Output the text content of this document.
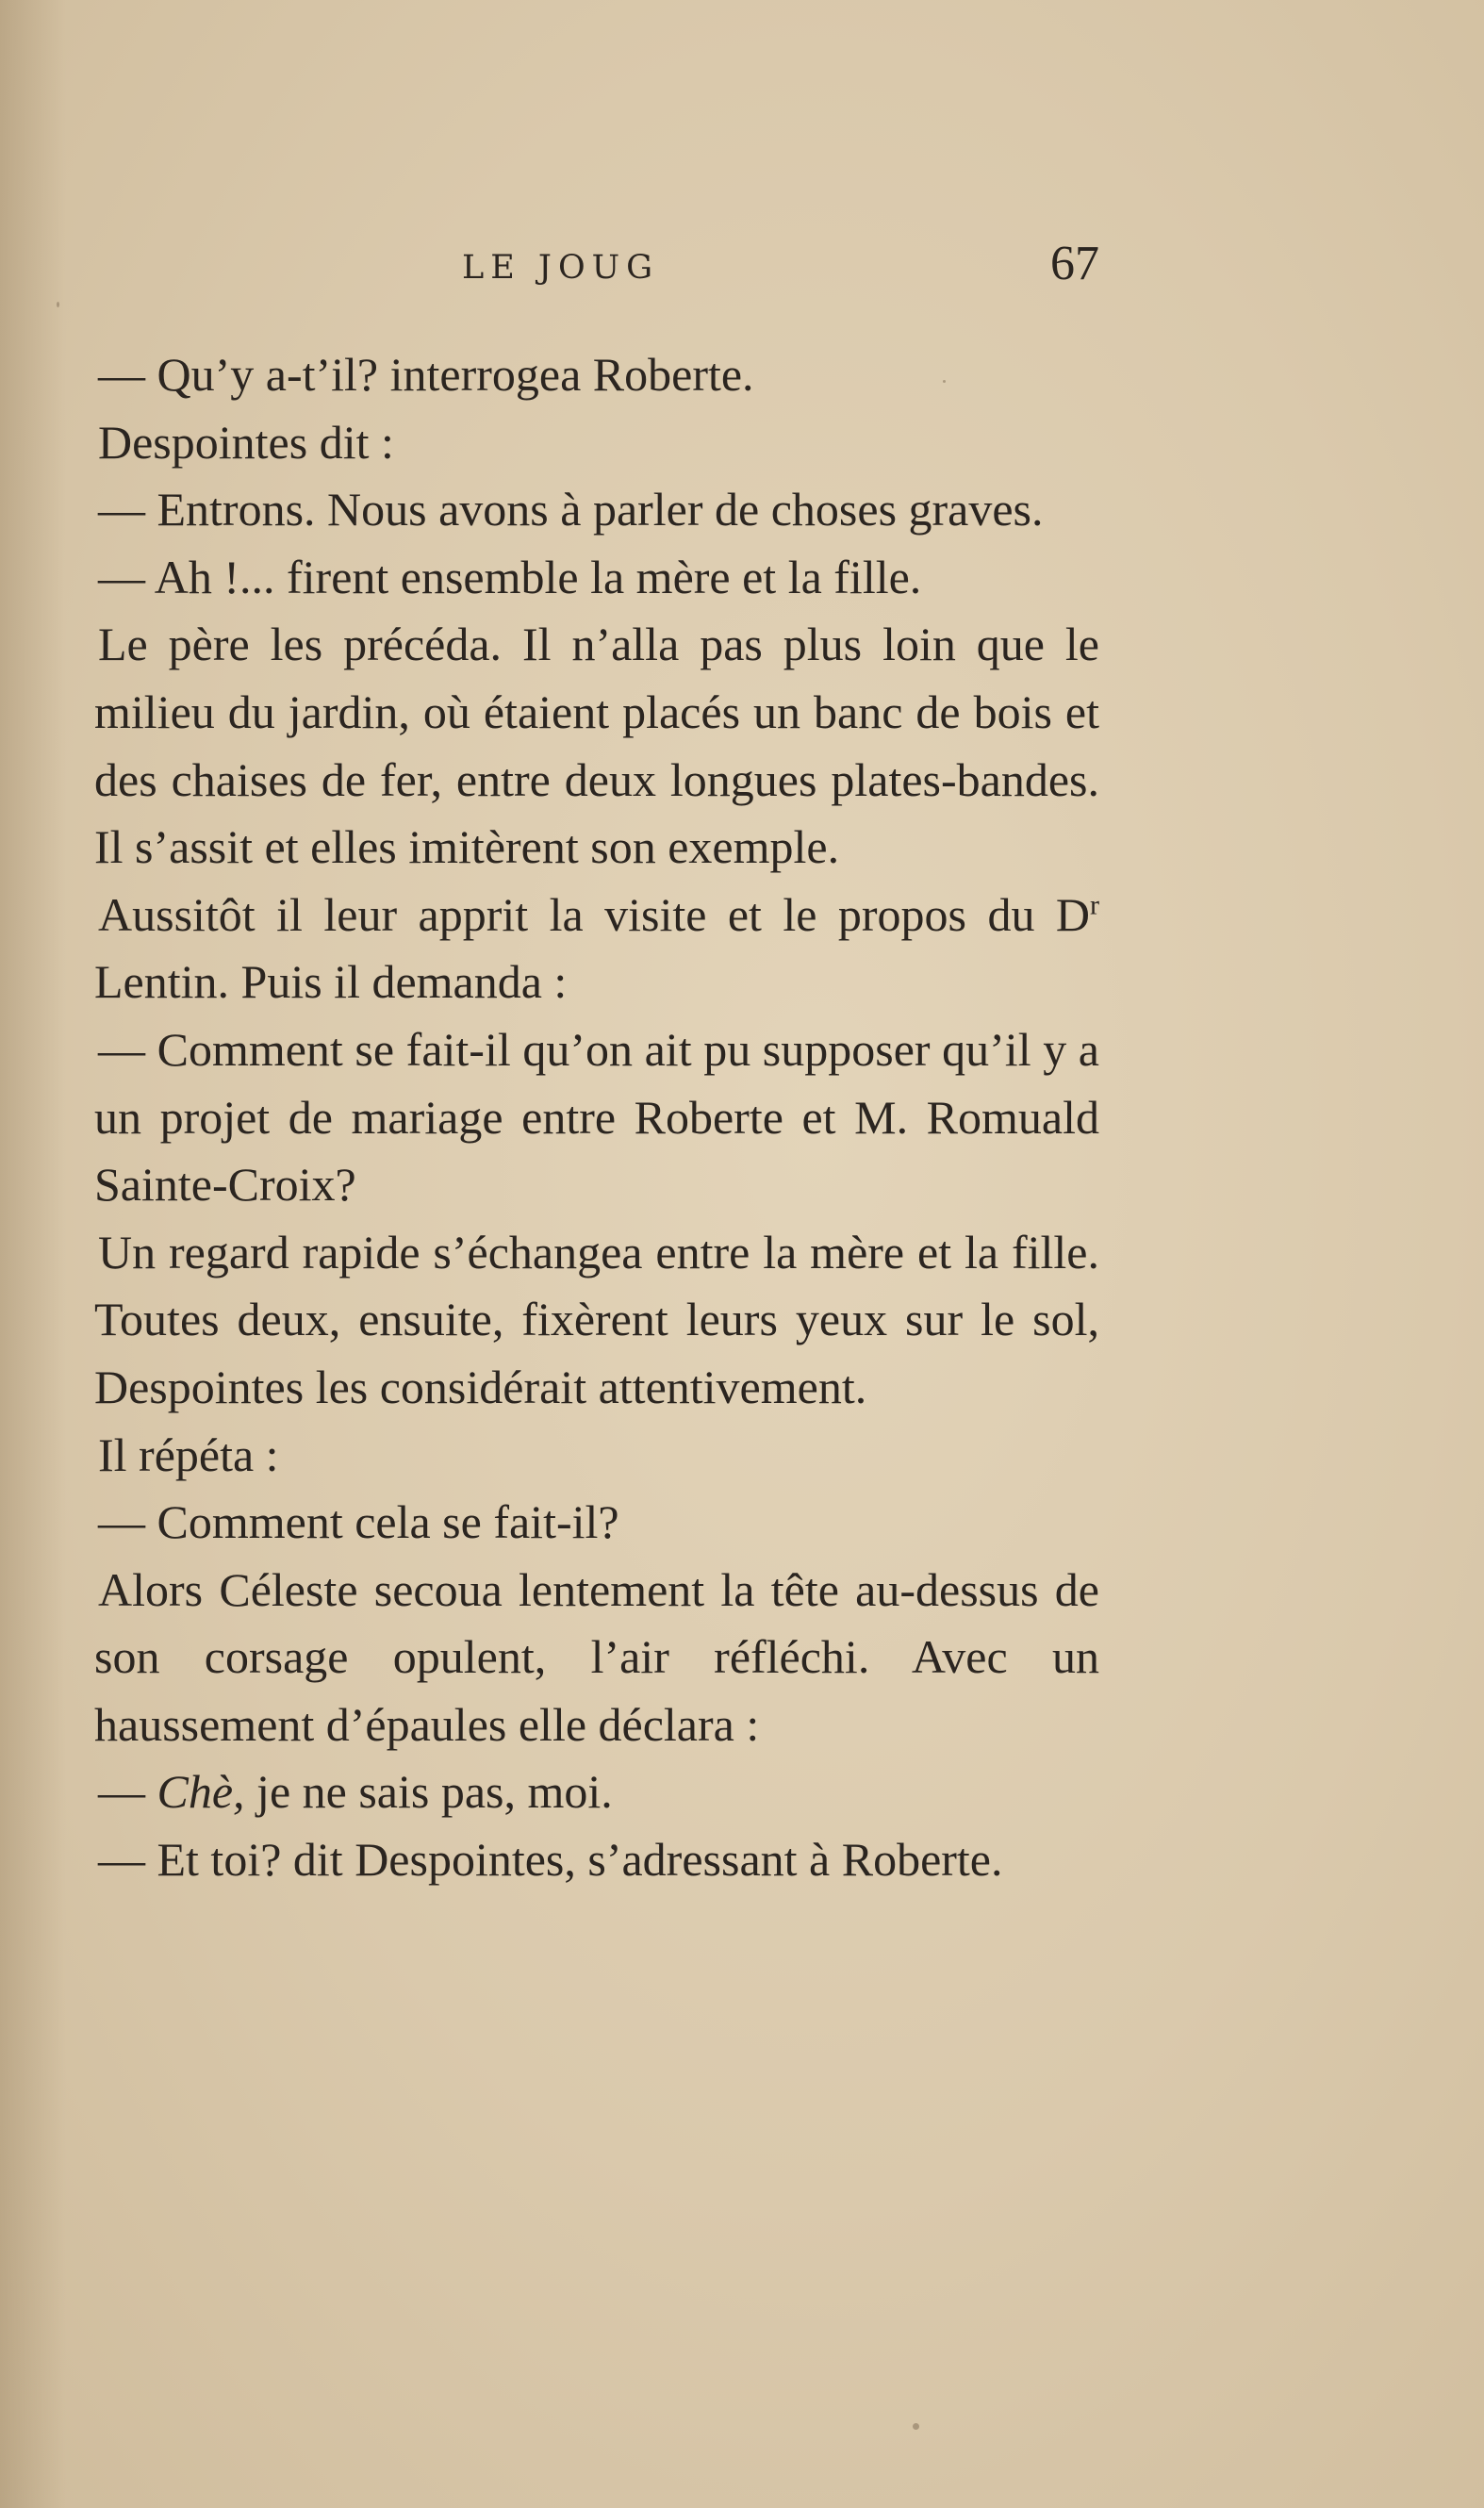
LE JOUG	67

— Qu’y a-t’il? interrogea Roberte.

Despointes dit :

— Entrons. Nous avons à parler de choses graves.

— Ah !... firent ensemble la mère et la fille.

Le père les précéda. Il n’alla pas plus loin que le milieu du jardin, où étaient placés un banc de bois et des chaises de fer, entre deux longues plates-bandes. Il s’assit et elles imitèrent son exemple.

Aussitôt il leur apprit la visite et le propos du $D^r$ Lentin. Puis il demanda :

— Comment se fait-il qu’on ait pu supposer qu’il y a un projet de mariage entre Roberte et M. Romuald Sainte-Croix?

Un regard rapide s’échangea entre la mère et la fille. Toutes deux, ensuite, fixèrent leurs yeux sur le sol, Despointes les considérait attentivement.

Il répéta :

— Comment cela se fait-il?

Alors Céleste secoua lentement la tête au-dessus de son corsage opulent, l’air réfléchi. Avec un haussement d’épaules elle déclara :

— Chè, je ne sais pas, moi.

— Et toi? dit Despointes, s’adressant à Roberte.
